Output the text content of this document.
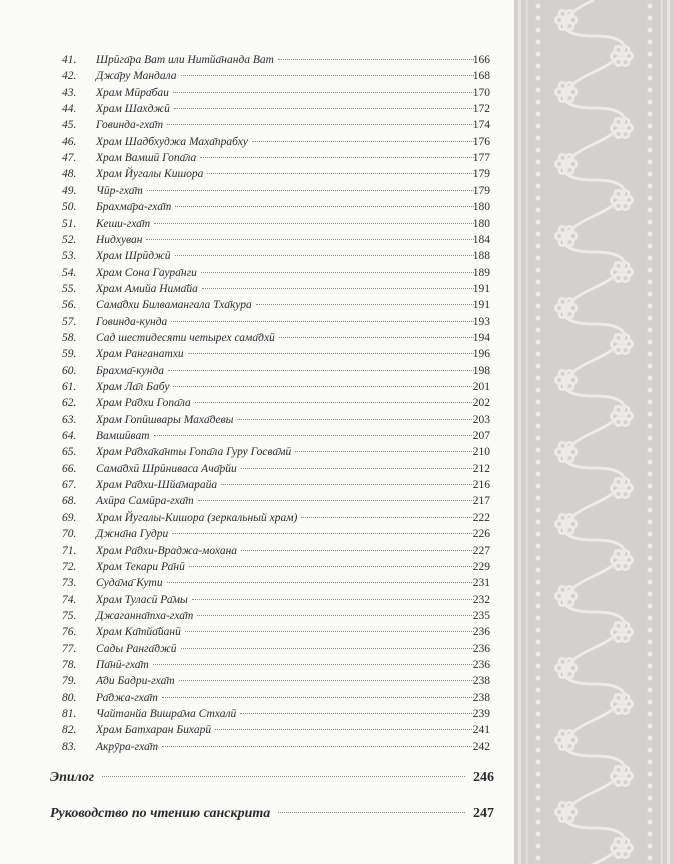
41.	Шрӣга̄ра Ват или Нитйа̄нанда Ват	166
42.	Джа̄ру Мандала	168
43.	Храм Мӣра̄баи	170
44.	Храм Шахджӣ	172
45.	Говинда-гха̄т	174
46.	Храм Шадбхуджа Маха̄прабху	176
47.	Храм Вамшӣ Гопа̄ла	177
48.	Храм Йугалы Кишора	179
49.	Чӣр-гха̄т	179
50.	Брахма̄ра-гха̄т	180
51.	Кеши-гха̄т	180
52.	Нидхуван	184
53.	Храм Шрӣджӣ	188
54.	Храм Сона Гаура̄нги	189
55.	Храм Амийа Нима̄йа	191
56.	Сама̄дхи Билвамангала Тха̄кура	191
57.	Говинда-кунда	193
58.	Сад шестидесяти четырех сама̄дхӣ	194
59.	Храм Ранганатхи	196
60.	Брахма̄-кунда	198
61.	Храм Ла̄л Бабу	201
62.	Храм Ра̄дхи Гопа̄ла	202
63.	Храм Гопӣшвары Маха̄девы	203
64.	Вамшӣват	207
65.	Храм Ра̄дха̄ка̄нты Гопа̄ла Гуру Госва̄мӣ	210
66.	Сама̄дхӣ Шрӣниваса Ача̄рйи	212
67.	Храм Ра̄дхи-Шйа̄марайа	216
68.	Ахӣра Самӣра-гха̄т	217
69.	Храм Йугалы-Кишора (зеркальный храм)	222
70.	Джна̄на Гудри	226
71.	Храм Ра̄дхи-Враджа-мохана	227
72.	Храм Текари Ра̄нӣ	229
73.	Суда̄ма̄ Кути	231
74.	Храм Туласӣ Ра̄мы	232
75.	Джаганна̄тха-гха̄т	235
76.	Храм Ка̄тйа̄йанӣ	236
77.	Сады Ранга̄джӣ	236
78.	Па̄нӣ-гха̄т	236
79.	А̄ди Бадри-гха̄т	238
80.	Ра̄джа-гха̄т	238
81.	Чайтанйа Вишра̄ма Стхалӣ	239
82.	Храм Батхаран Бихарӣ	241
83.	Акрӯра-гха̄т	242
Эпилог	246
Руководство по чтению санскрита	247
